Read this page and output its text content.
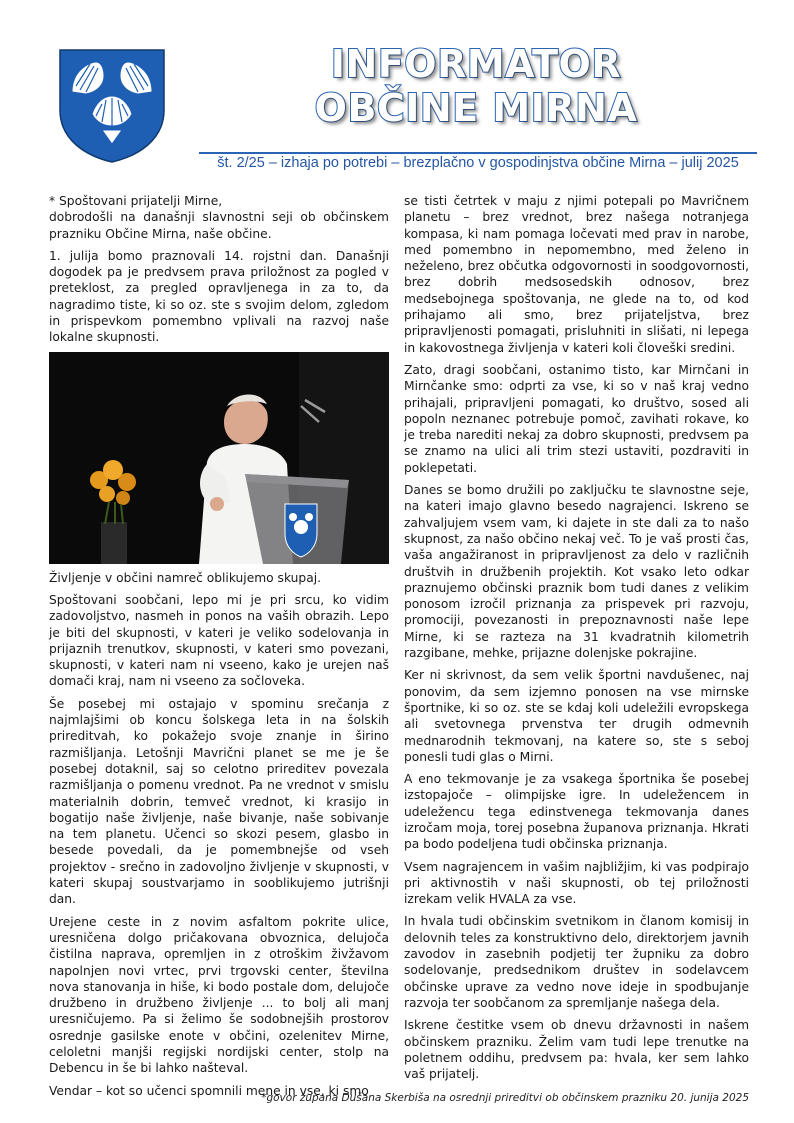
INFORMATOR
OBČINE MIRNA
št. 2/25 – izhaja po potrebi – brezplačno v gospodinjstva občine Mirna – julij 2025

* Spoštovani prijatelji Mirne,
dobrodošli na današnji slavnostni seji ob občinskem prazniku Občine Mirna, naše občine.

1. julija bomo praznovali 14. rojstni dan. Današnji dogodek pa je predvsem prava priložnost za pogled v preteklost, za pregled opravljenega in za to, da nagradimo tiste, ki so oz. ste s svojim delom, zgledom in prispevkom pomembno vplivali na razvoj naše lokalne skupnosti.

Življenje v občini namreč oblikujemo skupaj.

Spoštovani soobčani, lepo mi je pri srcu, ko vidim zadovoljstvo, nasmeh in ponos na vaših obrazih. Lepo je biti del skupnosti, v kateri je veliko sodelovanja in prijaznih trenutkov, skupnosti, v kateri smo povezani, skupnosti, v kateri nam ni vseeno, kako je urejen naš domači kraj, nam ni vseeno za sočloveka.

Še posebej mi ostajajo v spominu srečanja z najmlajšimi ob koncu šolskega leta in na šolskih prireditvah, ko pokažejo svoje znanje in širino razmišljanja. Letošnji Mavrični planet se me je še posebej dotaknil, saj so celotno prireditev povezala razmišljanja o pomenu vrednot. Pa ne vrednot v smislu materialnih dobrin, temveč vrednot, ki krasijo in bogatijo naše življenje, naše bivanje, naše sobivanje na tem planetu. Učenci so skozi pesem, glasbo in besede povedali, da je pomembnejše od vseh projektov - srečno in zadovoljno življenje v skupnosti, v kateri skupaj soustvarjamo in sooblikujemo jutrišnji dan.

Urejene ceste in z novim asfaltom pokrite ulice, uresničena dolgo pričakovana obvoznica, delujoča čistilna naprava, opremljen in z otroškim živžavom napolnjen novi vrtec, prvi trgovski center, številna nova stanovanja in hiše, ki bodo postale dom, delujoče družbeno in družbeno življenje ... to bolj ali manj uresničujemo. Pa si želimo še sodobnejših prostorov osrednje gasilske enote v občini, ozelenitev Mirne, celoletni manjši regijski nordijski center, stolp na Debencu in še bi lahko našteval.

Vendar – kot so učenci spomnili mene in vse, ki smo

se tisti četrtek v maju z njimi potepali po Mavričnem planetu – brez vrednot, brez našega notranjega kompasa, ki nam pomaga ločevati med prav in narobe, med pomembno in nepomembno, med želeno in neželeno, brez občutka odgovornosti in soodgovornosti, brez dobrih medsosedskih odnosov, brez medsebojnega spoštovanja, ne glede na to, od kod prihajamo ali smo, brez prijateljstva, brez pripravljenosti pomagati, prisluhniti in slišati, ni lepega in kakovostnega življenja v kateri koli človeški sredini.

Zato, dragi soobčani, ostanimo tisto, kar Mirnčani in Mirnčanke smo: odprti za vse, ki so v naš kraj vedno prihajali, pripravljeni pomagati, ko društvo, sosed ali popoln neznanec potrebuje pomoč, zavihati rokave, ko je treba narediti nekaj za dobro skupnosti, predvsem pa se znamo na ulici ali trim stezi ustaviti, pozdraviti in poklepetati.

Danes se bomo družili po zaključku te slavnostne seje, na kateri imajo glavno besedo nagrajenci. Iskreno se zahvaljujem vsem vam, ki dajete in ste dali za to našo skupnost, za našo občino nekaj več. To je vaš prosti čas, vaša angažiranost in pripravljenost za delo v različnih društvih in družbenih projektih. Kot vsako leto odkar praznujemo občinski praznik bom tudi danes z velikim ponosom izročil priznanja za prispevek pri razvoju, promociji, povezanosti in prepoznavnosti naše lepe Mirne, ki se razteza na 31 kvadratnih kilometrih razgibane, mehke, prijazne dolenjske pokrajine.

Ker ni skrivnost, da sem velik športni navdušenec, naj ponovim, da sem izjemno ponosen na vse mirnske športnike, ki so oz. ste se kdaj koli udeležili evropskega ali svetovnega prvenstva ter drugih odmevnih mednarodnih tekmovanj, na katere so, ste s seboj ponesli tudi glas o Mirni.

A eno tekmovanje je za vsakega športnika še posebej izstopajoče – olimpijske igre. In udeležencem in udeležencu tega edinstvenega tekmovanja danes izročam moja, torej posebna županova priznanja. Hkrati pa bodo podeljena tudi občinska priznanja.

Vsem nagrajencem in vašim najbližjim, ki vas podpirajo pri aktivnostih v naši skupnosti, ob tej priložnosti izrekam velik HVALA za vse.

In hvala tudi občinskim svetnikom in članom komisij in delovnih teles za konstruktivno delo, direktorjem javnih zavodov in zasebnih podjetij ter župniku za dobro sodelovanje, predsednikom društev in sodelavcem občinske uprave za vedno nove ideje in spodbujanje razvoja ter soobčanom za spremljanje našega dela.

Iskrene čestitke vsem ob dnevu državnosti in našem občinskem prazniku. Želim vam tudi lepe trenutke na poletnem oddihu, predvsem pa: hvala, ker sem lahko vaš prijatelj.

*govor župana Dušana Skerbiša na osrednji prireditvi ob občinskem prazniku 20. junija 2025
